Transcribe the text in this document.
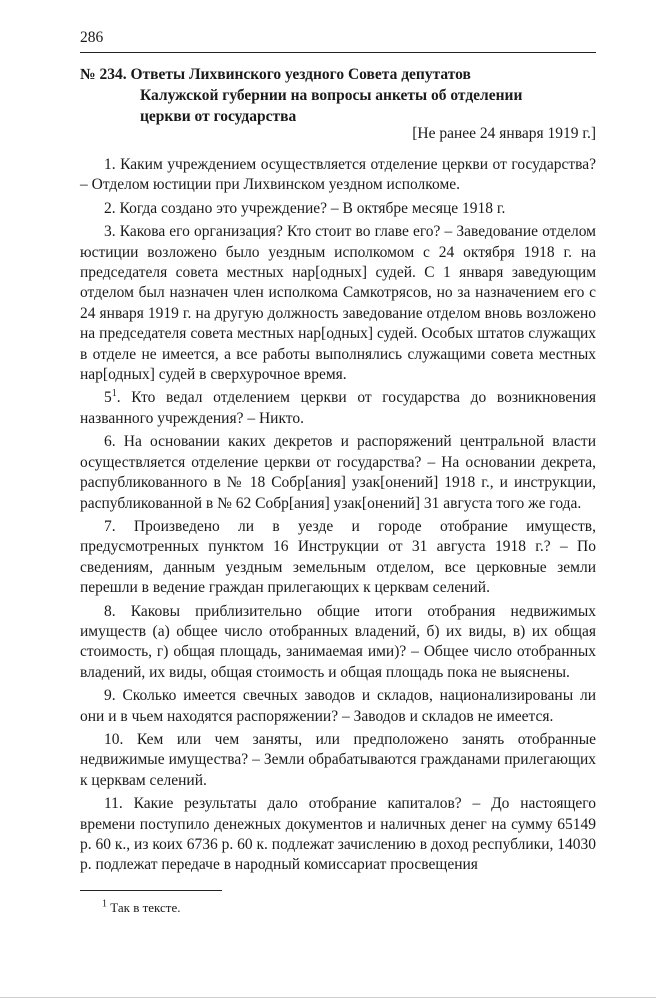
286
№ 234. Ответы Лихвинского уездного Совета депутатов
Калужской губернии на вопросы анкеты об отделении
церкви от государства
[Не ранее 24 января 1919 г.]

1. Каким учреждением осуществляется отделение церкви от государства? – Отделом юстиции при Лихвинском уездном исполкоме.

2. Когда создано это учреждение? – В октябре месяце 1918 г.

3. Какова его организация? Кто стоит во главе его? – Заведование отделом юстиции возложено было уездным исполкомом с 24 октября 1918 г. на председателя совета местных нар[одных] судей. С 1 января заведующим отделом был назначен член исполкома Самкотрясов, но за назначением его с 24 января 1919 г. на другую должность заведование отделом вновь возложено на председателя совета местных нар[одных] судей. Особых штатов служащих в отделе не имеется, а все работы выполнялись служащими совета местных нар[одных] судей в сверхурочное время.

$5^1$. Кто ведал отделением церкви от государства до возникновения названного учреждения? – Никто.

6. На основании каких декретов и распоряжений центральной власти осуществляется отделение церкви от государства? – На основании декрета, распубликованного в № 18 Собр[ания] узак[онений] 1918 г., и инструкции, распубликованной в № 62 Собр[ания] узак[онений] 31 августа того же года.

7. Произведено ли в уезде и городе отобрание имуществ, предусмотренных пунктом 16 Инструкции от 31 августа 1918 г.? – По сведениям, данным уездным земельным отделом, все церковные земли перешли в ведение граждан прилегающих к церквам селений.

8. Каковы приблизительно общие итоги отобрания недвижимых имуществ (а) общее число отобранных владений, б) их виды, в) их общая стоимость, г) общая площадь, занимаемая ими)? – Общее число отобранных владений, их виды, общая стоимость и общая площадь пока не выяснены.

9. Сколько имеется свечных заводов и складов, национализированы ли они и в чьем находятся распоряжении? – Заводов и складов не имеется.

10. Кем или чем заняты, или предположено занять отобранные недвижимые имущества? – Земли обрабатываются гражданами прилегающих к церквам селений.

11. Какие результаты дало отобрание капиталов? – До настоящего времени поступило денежных документов и наличных денег на сумму 65149 р. 60 к., из коих 6736 р. 60 к. подлежат зачислению в доход республики, 14030 р. подлежат передаче в народный комиссариат просвещения

$^1$ Так в тексте.
